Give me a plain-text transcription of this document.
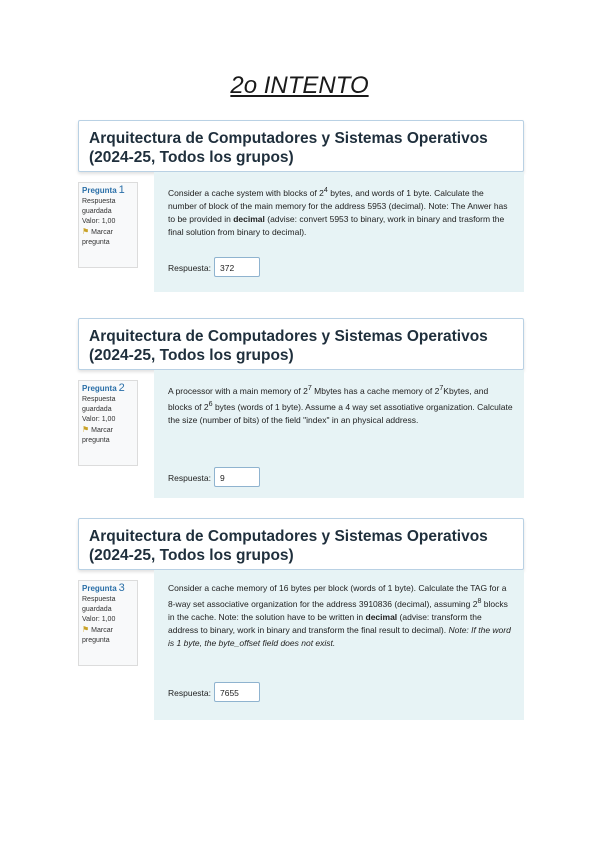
2o INTENTO
Arquitectura de Computadores y Sistemas Operativos (2024-25, Todos los grupos)
Pregunta 1
Respuesta guardada
Valor: 1,00
⚑ Marcar pregunta
Consider a cache system with blocks of $2^4$ bytes, and words of 1 byte. Calculate the number of block of the main memory for the address 5953 (decimal). Note: The Anwer has to be provided in decimal (advise: convert 5953 to binary, work in binary and trasform the final solution from binary to decimal).
Respuesta:	372
Arquitectura de Computadores y Sistemas Operativos (2024-25, Todos los grupos)
Pregunta 2
Respuesta guardada
Valor: 1,00
⚑ Marcar pregunta
A processor with a main memory of $2^7$ Mbytes has a cache memory of $2^7Kbytes$, and blocks of $2^6$ bytes (words of 1 byte). Assume a 4 way set assotiative organization. Calculate the size (number of bits) of the field "index" in an physical address.
Respuesta:	9
Arquitectura de Computadores y Sistemas Operativos (2024-25, Todos los grupos)
Pregunta 3
Respuesta guardada
Valor: 1,00
⚑ Marcar pregunta
Consider a cache memory of 16 bytes per block (words of 1 byte). Calculate the TAG for a 8-way set associative organization for the address 3910836 (decimal), assuming $2^8$ blocks in the cache. Note: the solution have to be written in decimal (advise: transform the address to binary, work in binary and transform the final result to decimal). Note: If the word is 1 byte, the byte_offset field does not exist.
Respuesta:	7655
